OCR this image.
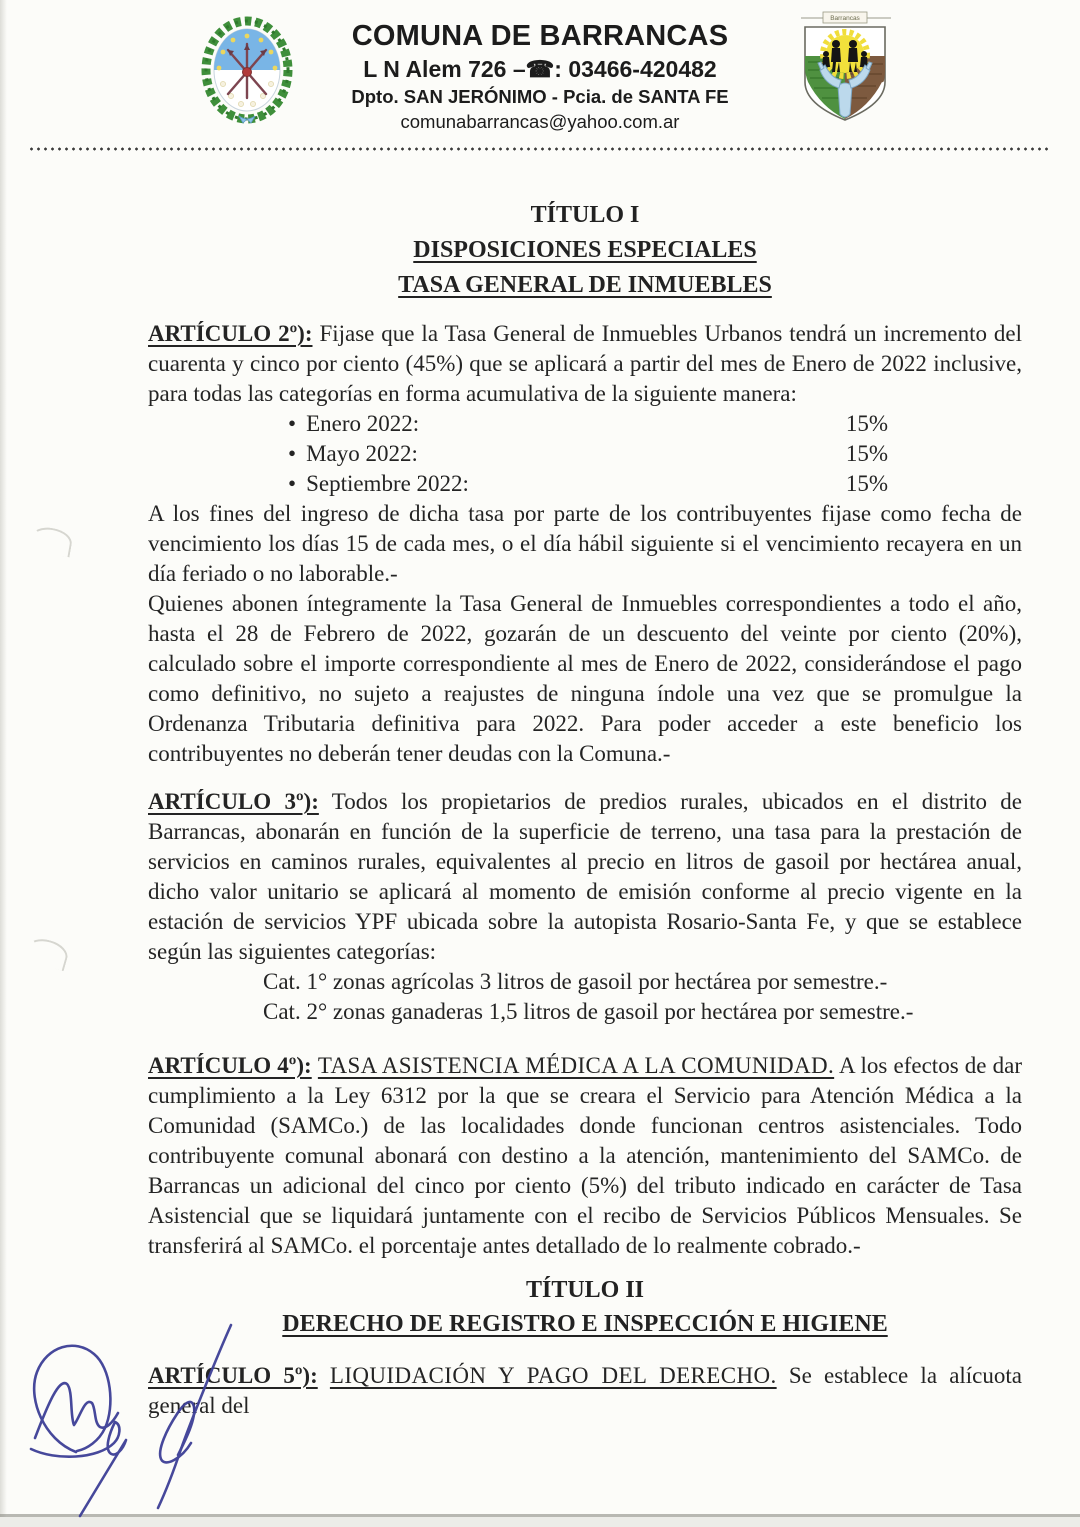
COMUNA DE BARRANCAS
L N Alem 726 –☎: 03466-420482
Dpto. SAN JERÓNIMO - Pcia. de SANTA FE
comunabarrancas@yahoo.com.ar
Barrancas
TÍTULO I
DISPOSICIONES ESPECIALES
TASA GENERAL DE INMUEBLES

ARTÍCULO 2º): Fijase que la Tasa General de Inmuebles Urbanos tendrá un incremento del cuarenta y cinco por ciento (45%) que se aplicará a partir del mes de Enero de 2022 inclusive, para todas las categorías en forma acumulativa de la siguiente manera:

• Enero 2022:	15%
• Mayo 2022:	15%
• Septiembre 2022:	15%

A los fines del ingreso de dicha tasa por parte de los contribuyentes fijase como fecha de vencimiento los días 15 de cada mes, o el día hábil siguiente si el vencimiento recayera en un día feriado o no laborable.-

Quienes abonen íntegramente la Tasa General de Inmuebles correspondientes a todo el año, hasta el 28 de Febrero de 2022, gozarán de un descuento del veinte por ciento (20%), calculado sobre el importe correspondiente al mes de Enero de 2022, considerándose el pago como definitivo, no sujeto a reajustes de ninguna índole una vez que se promulgue la Ordenanza Tributaria definitiva para 2022. Para poder acceder a este beneficio los contribuyentes no deberán tener deudas con la Comuna.-

ARTÍCULO 3º): Todos los propietarios de predios rurales, ubicados en el distrito de Barrancas, abonarán en función de la superficie de terreno, una tasa para la prestación de servicios en caminos rurales, equivalentes al precio en litros de gasoil por hectárea anual, dicho valor unitario se aplicará al momento de emisión conforme al precio vigente en la estación de servicios YPF ubicada sobre la autopista Rosario-Santa Fe, y que se establece según las siguientes categorías:

Cat. 1° zonas agrícolas 3 litros de gasoil por hectárea por semestre.-
Cat. 2° zonas ganaderas 1,5 litros de gasoil por hectárea por semestre.-

ARTÍCULO 4º): TASA ASISTENCIA MÉDICA A LA COMUNIDAD. A los efectos de dar cumplimiento a la Ley 6312 por la que se creara el Servicio para Atención Médica a la Comunidad (SAMCo.) de las localidades donde funcionan centros asistenciales. Todo contribuyente comunal abonará con destino a la atención, mantenimiento del SAMCo. de Barrancas un adicional del cinco por ciento (5%) del tributo indicado en carácter de Tasa Asistencial que se liquidará juntamente con el recibo de Servicios Públicos Mensuales. Se transferirá al SAMCo. el porcentaje antes detallado de lo realmente cobrado.-

TÍTULO II
DERECHO DE REGISTRO E INSPECCIÓN E HIGIENE

ARTÍCULO 5º): LIQUIDACIÓN Y PAGO DEL DERECHO. Se establece la alícuota general del
